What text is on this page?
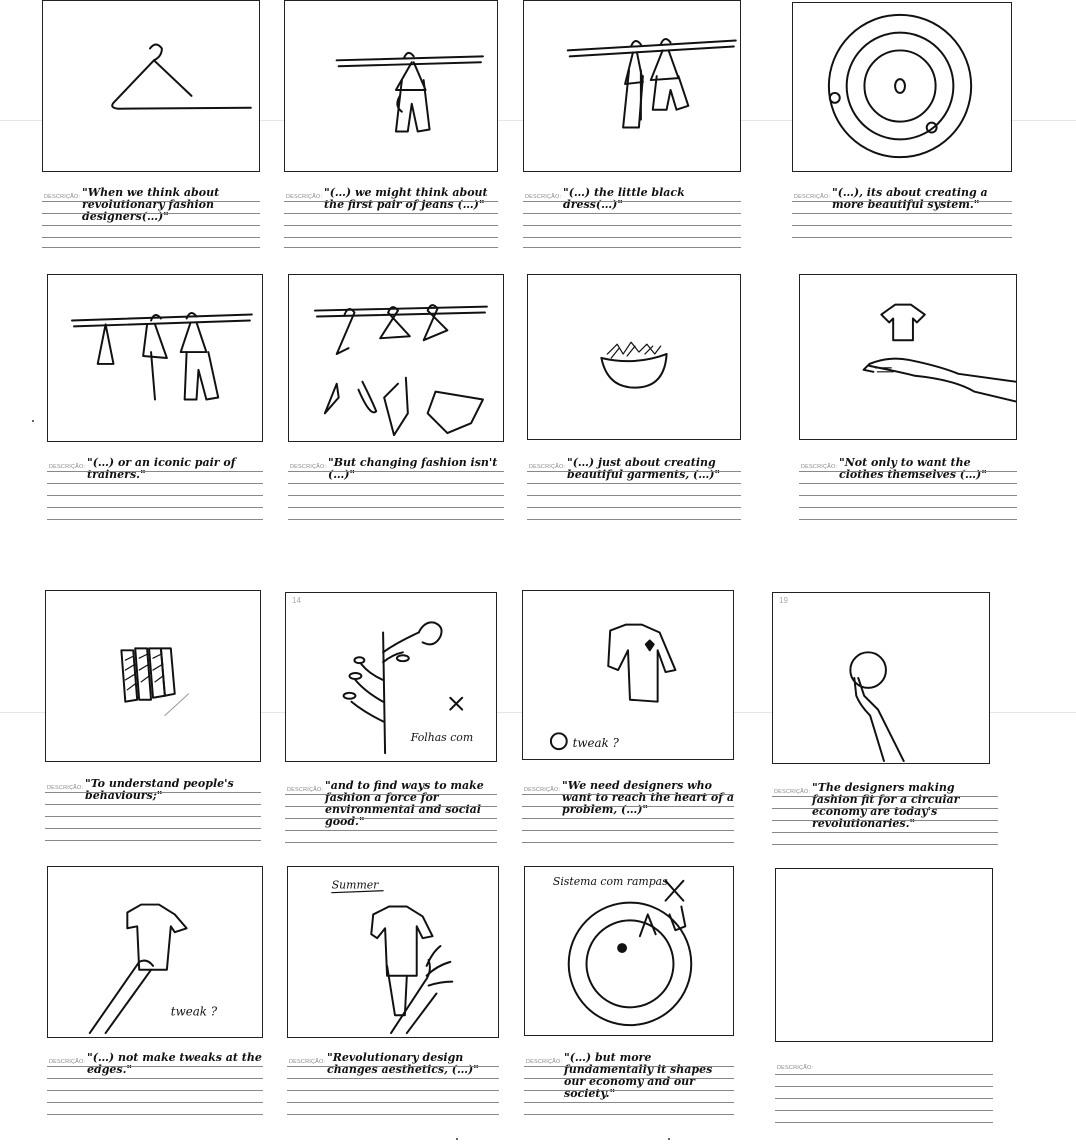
DESCRIÇÃO: "When we think about revolutionary fashion designers(…)"
DESCRIÇÃO: "(…) we might think about the first pair of jeans (…)"
DESCRIÇÃO: "(…) the little black dress(…)"
DESCRIÇÃO: "(…), its about creating a more beautiful system."
DESCRIÇÃO: "(…) or an iconic pair of trainers."
DESCRIÇÃO: "But changing fashion isn't (…)"
DESCRIÇÃO: "(…) just about creating beautiful garments, (…)"
DESCRIÇÃO: "Not only to want the clothes themselves (…)"
DESCRIÇÃO: "To understand people's behaviours;"
14
Folhas com
DESCRIÇÃO: "and to find ways to make fashion a force for environmental and social good."
tweak ?
DESCRIÇÃO: "We need designers who want to reach the heart of a problem, (…)"
19
DESCRIÇÃO: "The designers making fashion fit for a circular economy are today's revolutionaries."
tweak ?
DESCRIÇÃO: "(…) not make tweaks at the edges."
Summer
DESCRIÇÃO: "Revolutionary design changes aesthetics, (…)"
Sistema com rampas
DESCRIÇÃO: "(…) but more fundamentally it shapes our economy and our society."
DESCRIÇÃO:
